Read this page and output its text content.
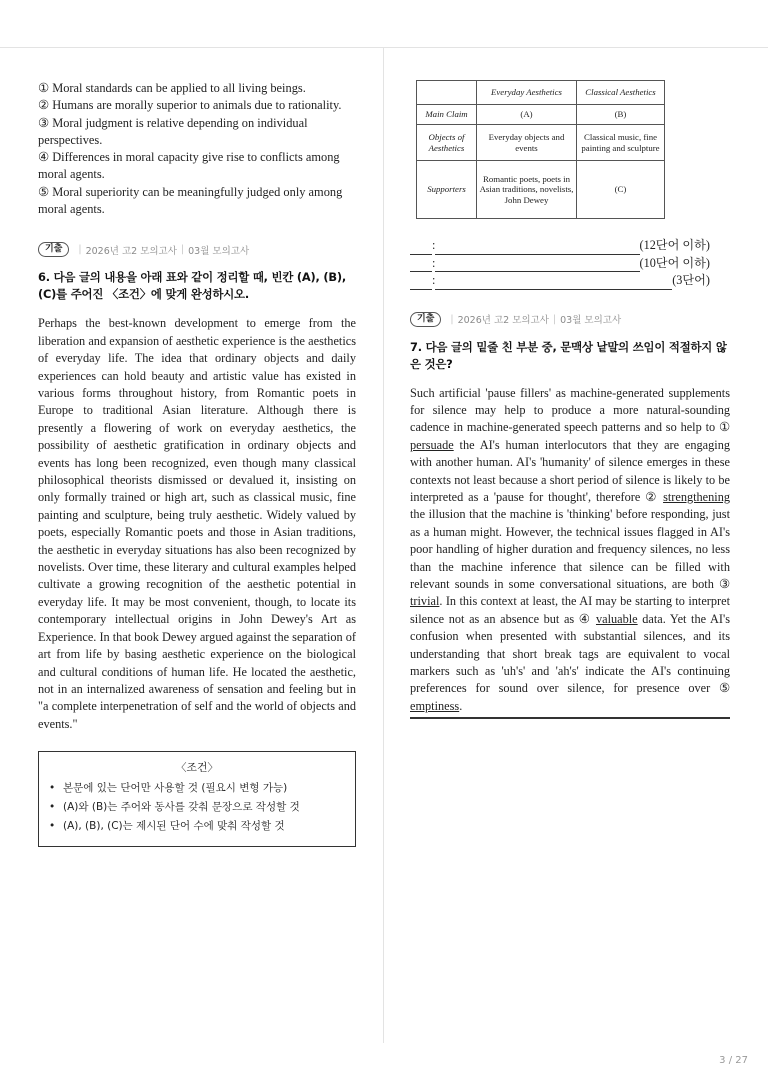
① Moral standards can be applied to all living beings.
② Humans are morally superior to animals due to rationality.
③ Moral judgment is relative depending on individual perspectives.
④ Differences in moral capacity give rise to conflicts among moral agents.
⑤ Moral superiority can be meaningfully judged only among moral agents.
기출	| 2026년 고2 모의고사 | 03월 모의고사
6. 다음 글의 내용을 아래 표와 같이 정리할 때, 빈칸 (A), (B), (C)를 주어진 〈조건〉에 맞게 완성하시오.
Perhaps the best-known development to emerge from the liberation and expansion of aesthetic experience is the aesthetics of everyday life. The idea that ordinary objects and daily experiences can hold beauty and artistic value has existed in various forms throughout history, from Romantic poets in Europe to traditional Asian literature. Although there is presently a flowering of work on everyday aesthetics, the possibility of aesthetic gratification in ordinary objects and events has long been recognized, even though many classical philosophical theorists dismissed or devalued it, insisting on only formally trained or high art, such as classical music, fine painting and sculpture, being truly aesthetic. Widely valued by poets, especially Romantic poets and those in Asian traditions, the aesthetic in everyday situations has also been recognized by novelists. Over time, these literary and cultural examples helped cultivate a growing recognition of the aesthetic potential in everyday life. It may be most convenient, though, to locate its contemporary intellectual origins in John Dewey's Art as Experience. In that book Dewey argued against the separation of art from life by basing aesthetic experience on the biological and cultural conditions of human life. He located the aesthetic, not in an internalized awareness of sensation and feeling but in "a complete interpenetration of self and the world of objects and events."
〈조건〉
• 본문에 있는 단어만 사용할 것 (필요시 변형 가능)
• (A)와 (B)는 주어와 동사를 갖춰 문장으로 작성할 것
• (A), (B), (C)는 제시된 단어 수에 맞춰 작성할 것
	Everyday Aesthetics	Classical Aesthetics
Main Claim	(A)	(B)
Objects of Aesthetics	Everyday objects and events	Classical music, fine painting and sculpture
Supporters	Romantic poets, poets in Asian traditions, novelists, John Dewey	(C)
:	(12단어 이하)
:	(10단어 이하)
:	(3단어)
기출	| 2026년 고2 모의고사 | 03월 모의고사
7. 다음 글의 밑줄 친 부분 중, 문맥상 낱말의 쓰임이 적절하지 않은 것은?
Such artificial 'pause fillers' as machine-generated supplements for silence may help to produce a more natural-sounding cadence in machine-generated speech patterns and so help to ① persuade the AI's human interlocutors that they are engaging with another human. AI's 'humanity' of silence emerges in these contexts not least because a short period of silence is likely to be interpreted as a 'pause for thought', therefore ② strengthening the illusion that the machine is 'thinking' before responding, just as a human might. However, the technical issues flagged in AI's poor handling of higher duration and frequency silences, no less than the machine inference that silence can be filled with relevant sounds in some conversational situations, are both ③ trivial. In this context at least, the AI may be starting to interpret silence not as an absence but as ④ valuable data. Yet the AI's confusion when presented with substantial silences, and its understanding that short break tags are equivalent to vocal markers such as 'uh's' and 'ah's' indicate the AI's continuing preferences for sound over silence, for presence over ⑤ emptiness.
3 / 27
